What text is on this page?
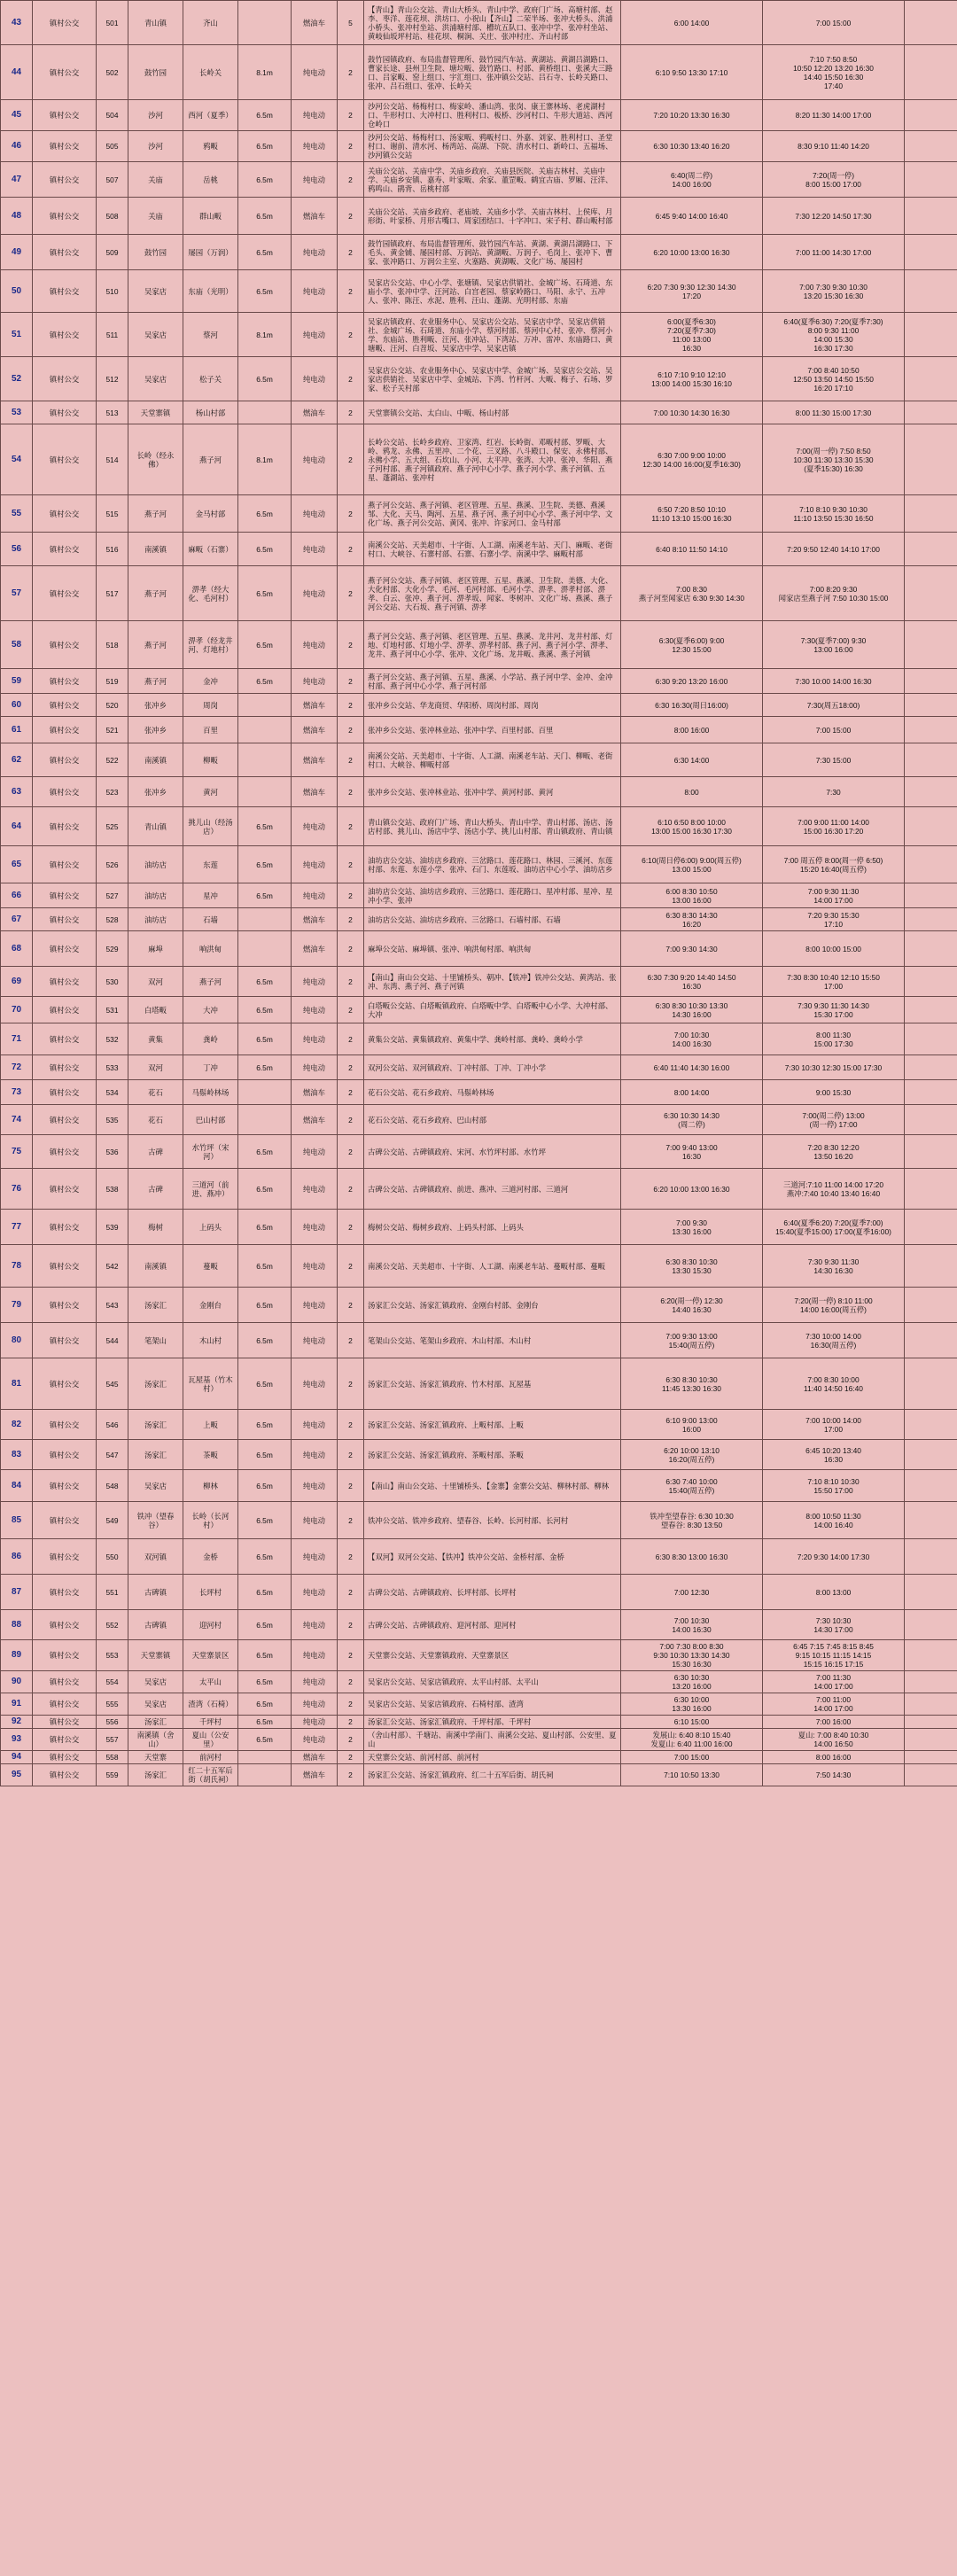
43	镇村公交	501	青山镇	齐山		燃油车	5	【青山】青山公交站、青山大桥头、青山中学、政府门广场、高塘村部、赵李、枣洋、莲花坝、洪坊口、小祝山【齐山】二荣半场、张冲大桥头、洪浦小桥头、张冲村坐站、洪浦塘村部、槽坑五队口、张冲中学、张冲村坐站、黄岐仙坂坪村站、桂花坝、桐涧、关庄、张冲村庄、齐山村部	6:00 14:00	7:00 15:00	
44	镇村公交	502	鼓竹园	长岭关	8.1m	纯电动	2	鼓竹园镇政府、布局监督管理所、鼓竹园汽车站、黄湖站、黄湖吕湖路口、曹家长途、县州卫生院、塘垃畈、鼓竹路口、村部、黄桥组口、张溪大三路口、吕家畈、窑上组口、宇汇组口、张冲镇公交站、吕石寺、长岭关路口、张冲、吕石组口、张冲、长岭关	6:10 9:50 13:30 17:10	7:10 7:50 8:50
10:50 12:20 13:20 16:30
14:40 15:50 16:30
17:40	
45	镇村公交	504	沙河	西河（夏季）	6.5m	纯电动	2	沙河公交站、杨梅村口、梅家岭、潘山湾、张岗、康王寨林场、老虎湖村口、牛形村口、大冲村口、胜利村口、板桥、沙河村口、牛形大道站、西河仓岭口	7:20 10:20 13:30 16:30	8:20 11:30 14:00 17:00	
46	镇村公交	505	沙河	鸦畈	6.5m	纯电动	2	沙河公交站、杨梅村口、汤家畈、鸦畈村口、外嘉、刘家、胜利村口、圣堂村口、谢前、清水河、杨湾站、高湖、下院、清水村口、新岭口、五福场、沙河镇公交站	6:30 10:30 13:40 16:20	8:30 9:10 11:40 14:20	
47	镇村公交	507	关庙	岳桃	6.5m	纯电动	2	关庙公交站、关庙中学、关庙乡政府、关庙县医院、关庙古林村、关庙中学、关庙乡安镇、嘉寿、叶家畈、余家、董罡畈、鹤宜古庙、罗厢、汪洋、鸦鸣山、鹃背、岳桃村部	6:40(周二停)
14:00 16:00	7:20(周一停)
8:00 15:00 17:00	
48	镇村公交	508	关庙	群山畈	6.5m	燃油车	2	关庙公交站、关庙乡政府、老庙坡、关庙乡小学、关庙古林村、上侯库、月形街、叶家桥、月形古嘴口、周家团结口、十字冲口、宋子村、群山畈村部	6:45 9:40 14:00 16:40	7:30 12:20 14:50 17:30	
49	镇村公交	509	鼓竹园	屡园（万润）	6.5m	纯电动	2	鼓竹园镇政府、布局监督管理所、鼓竹园汽车站、黄湖、黄湖吕湖路口、下毛头、黄金铺、屡园村部、万润站、黄湖畈、万润子、毛岗上、张冲下、曹家、张冲路口、万润公主室、火塞路、黄湖畈、文化广场、屡园村	6:20 10:00 13:00 16:30	7:00 11:00 14:30 17:00	
50	镇村公交	510	吴家店	东庙（光明）	6.5m	纯电动	2	吴家店公交站、中心小学、张塘镇、吴家店供销社、金城广场、石琦道、东庙小学、张冲中学、汪河站、白宫老园、蔡家岭路口、马阳、永宁、五冲人、张冲、陈汪、水泥、胜利、汪山、蓬湖、光明村部、东庙	6:20 7:30 9:30 12:30 14:30
17:20	7:00 7:30 9:30 10:30
13:20 15:30 16:30	
51	镇村公交	511	吴家店	蔡河	8.1m	纯电动	2	吴家店镇政府、农业服务中心、吴家店公交站、吴家店中学、吴家店供销社、金城广场、石琦道、东庙小学、蔡河村部、蔡河中心村、张冲、蔡河小学、东庙站、胜利畈、汪河、张冲站、下湾站、万冲、雷冲、东庙路口、黄塘畈、汪河、白苕坂、吴家店中学、吴家店镇	6:00(夏季6:30)
7:20(夏季7:30)
11:00 13:00
16:30	6:40(夏季6:30) 7:20(夏季7:30)
8:00 9:30 11:00
14:00 15:30
16:30 17:30	
52	镇村公交	512	吴家店	松子关	6.5m	纯电动	2	吴家店公交站、农业服务中心、吴家店中学、金城广场、吴家店公交站、吴家店供销社、吴家店中学、金城站、下湾、竹杆河、大畈、梅子、石场、罗家、松子关村部	6:10 7:10 9:10 12:10
13:00 14:00 15:30 16:10	7:00 8:40 10:50
12:50 13:50 14:50 15:50
16:20 17:10	
53	镇村公交	513	天堂寨镇	杨山村部		燃油车	2	天堂寨镇公交站、太白山、中畈、杨山村部	7:00 10:30 14:30 16:30	8:00 11:30 15:00 17:30	
54	镇村公交	514	长岭（经永佛）	燕子河	8.1m	纯电动	2	长岭公交站、长岭乡政府、卫家湾、红岩、长岭街、邓畈村部、罗畈、大岭、鸦龙、永佛、五里冲、二个花、三叉路、八斗殿口、保安、永佛村部、永佛小学、五大组、石坎山、小河、太平冲、张湾、大冲、张冲、华阳、燕子河村部、燕子河镇政府、燕子河中心小学、燕子河小学、燕子河镇、五星、蓬湖站、张冲村	6:30 7:00 9:00 10:00
12:30 14:00 16:00(夏季16:30)	7:00(周一停) 7:50 8:50
10:30 11:30 13:30 15:30
(夏季15:30) 16:30	
55	镇村公交	515	燕子河	金马村部	6.5m	纯电动	2	燕子河公交站、燕子河镇、老区管理、五星、燕溪、卫生院、美德、燕溪邹、大化、天马、陶河、五星、燕子河、燕子河中心小学、燕子河中学、文化广场、燕子河公交站、黄冈、张冲、许家河口、金马村部	6:50 7:20 8:50 10:10
11:10 13:10 15:00 16:30	7:10 8:10 9:30 10:30
11:10 13:50 15:30 16:50	
56	镇村公交	516	南溪镇	麻畈（石寨）	6.5m	纯电动	2	南溪公交站、天美超市、十字街、人工湖、南溪老车站、天门、麻畈、老街村口、大峡谷、石寨村部、石寨、石寨小学、南溪中学、麻畈村部	6:40 8:10 11:50 14:10	7:20 9:50 12:40 14:10 17:00	
57	镇村公交	517	燕子河	淠孝（经大化、毛河村）	6.5m	纯电动	2	燕子河公交站、燕子河镇、老区管理、五星、燕溪、卫生院、美德、大化、大化村部、大化小学、毛河、毛河村部、毛河小学、淠孝、淠孝村部、淠孝、白云、张冲、燕子河、淠孝坂、闻家、枣树冲、文化广场、燕溪、燕子河公交站、大石坂、燕子河镇、淠孝	7:00 8:30
燕子河至闻家店 6:30 9:30 14:30	7:00 8:20 9:30
闻家店至燕子河 7:50 10:30 15:00	
58	镇村公交	518	燕子河	淠孝（经龙井河、灯地村）	6.5m	纯电动	2	燕子河公交站、燕子河镇、老区管理、五星、燕溪、龙井河、龙井村部、灯地、灯地村部、灯地小学、淠孝、淠孝村部、燕子河、燕子河小学、淠孝、龙井、燕子河中心小学、张冲、文化广场、龙井畈、燕溪、燕子河镇	6:30(夏季6:00) 9:00
12:30 15:00	7:30(夏季7:00) 9:30
13:00 16:00	
59	镇村公交	519	燕子河	金冲	6.5m	纯电动	2	燕子河公交站、燕子河镇、五星、燕溪、小学站、燕子河中学、金冲、金冲村部、燕子河中心小学、燕子河村部	6:30 9:20 13:20 16:00	7:30 10:00 14:00 16:30	
60	镇村公交	520	张冲乡	周岗		燃油车	2	张冲乡公交站、华龙商贸、华阳桥、周岗村部、周岗	6:30 16:30(周日16:00)	7:30(周五18:00)	
61	镇村公交	521	张冲乡	百里		燃油车	2	张冲乡公交站、张冲林业站、张冲中学、百里村部、百里	8:00 16:00	7:00 15:00	
62	镇村公交	522	南溪镇	柳畈		燃油车	2	南溪公交站、天美超市、十字街、人工湖、南溪老车站、天门、柳畈、老街村口、大峡谷、柳畈村部	6:30 14:00	7:30 15:00	
63	镇村公交	523	张冲乡	黄河		燃油车	2	张冲乡公交站、张冲林业站、张冲中学、黄河村部、黄河	8:00	7:30	
64	镇村公交	525	青山镇	挑儿山（经汤店）	6.5m	纯电动	2	青山镇公交站、政府门广场、青山大桥头、青山中学、青山村部、汤店、汤店村部、挑儿山、汤店中学、汤店小学、挑儿山村部、青山镇政府、青山镇	6:10 6:50 8:00 10:00
13:00 15:00 16:30 17:30	7:00 9:00 11:00 14:00
15:00 16:30 17:20	
65	镇村公交	526	油坊店	东莲	6.5m	纯电动	2	油坊店公交站、油坊店乡政府、三岔路口、莲花路口、林园、三溪河、东莲村部、东莲、东莲小学、张冲、石门、东莲坂、油坊店中心小学、油坊店乡	6:10(周日停6:00) 9:00(周五停)
13:00 15:00	7:00 周五停 8:00(周一停 6:50)
15:20 16:40(周五停)	
66	镇村公交	527	油坊店	星冲	6.5m	纯电动	2	油坊店公交站、油坊店乡政府、三岔路口、莲花路口、星冲村部、星冲、星冲小学、张冲	6:00 8:30 10:50
13:00 16:00	7:00 9:30 11:30
14:00 17:00	
67	镇村公交	528	油坊店	石墙		燃油车	2	油坊店公交站、油坊店乡政府、三岔路口、石墙村部、石墙	6:30 8:30 14:30
16:20	7:20 9:30 15:30
17:10	
68	镇村公交	529	麻埠	响洪甸		燃油车	2	麻埠公交站、麻埠镇、张冲、响洪甸村部、响洪甸	7:00 9:30 14:30	8:00 10:00 15:00	
69	镇村公交	530	双河	燕子河	6.5m	纯电动	2	【南山】南山公交站、十里铺桥头、朝冲、【铁冲】铁冲公交站、黄湾站、张冲、东湾、燕子河、燕子河镇	6:30 7:30 9:20 14:40 14:50
16:30	7:30 8:30 10:40 12:10 15:50
17:00	
70	镇村公交	531	白塔畈	大冲	6.5m	纯电动	2	白塔畈公交站、白塔畈镇政府、白塔畈中学、白塔畈中心小学、大冲村部、大冲	6:30 8:30 10:30 13:30
14:30 16:00	7:30 9:30 11:30 14:30
15:30 17:00	
71	镇村公交	532	黄集	龚岭	6.5m	纯电动	2	黄集公交站、黄集镇政府、黄集中学、龚岭村部、龚岭、龚岭小学	7:00 10:30
14:00 16:30	8:00 11:30
15:00 17:30	
72	镇村公交	533	双河	丁冲	6.5m	纯电动	2	双河公交站、双河镇政府、丁冲村部、丁冲、丁冲小学	6:40 11:40 14:30 16:00	7:30 10:30 12:30 15:00 17:30	
73	镇村公交	534	花石	马鬃岭林场		燃油车	2	花石公交站、花石乡政府、马鬃岭林场	8:00 14:00	9:00 15:30	
74	镇村公交	535	花石	巴山村部		燃油车	2	花石公交站、花石乡政府、巴山村部	6:30 10:30 14:30
(周二停)	7:00(周二停) 13:00
(周一停) 17:00	
75	镇村公交	536	古碑	水竹坪（宋河）	6.5m	纯电动	2	古碑公交站、古碑镇政府、宋河、水竹坪村部、水竹坪	7:00 9:40 13:00
16:30	7:20 8:30 12:20
13:50 16:20	
76	镇村公交	538	古碑	三道河（前进、燕冲）	6.5m	纯电动	2	古碑公交站、古碑镇政府、前进、燕冲、三道河村部、三道河	6:20 10:00 13:00 16:30	三道河:7:10 11:00 14:00 17:20
燕冲:7:40 10:40 13:40 16:40	
77	镇村公交	539	梅树	上码头	6.5m	纯电动	2	梅树公交站、梅树乡政府、上码头村部、上码头	7:00 9:30
13:30 16:00	6:40(夏季6:20) 7:20(夏季7:00)
15:40(夏季15:00) 17:00(夏季16:00)	
78	镇村公交	542	南溪镇	蔓畈	6.5m	纯电动	2	南溪公交站、天美超市、十字街、人工湖、南溪老车站、蔓畈村部、蔓畈	6:30 8:30 10:30
13:30 15:30	7:30 9:30 11:30
14:30 16:30	
79	镇村公交	543	汤家汇	金刚台	6.5m	纯电动	2	汤家汇公交站、汤家汇镇政府、金刚台村部、金刚台	6:20(周一停) 12:30
14:40 16:30	7:20(周一停) 8:10 11:00
14:00 16:00(周五停)	
80	镇村公交	544	笔架山	木山村	6.5m	纯电动	2	笔架山公交站、笔架山乡政府、木山村部、木山村	7:00 9:30 13:00
15:40(周五停)	7:30 10:00 14:00
16:30(周五停)	
81	镇村公交	545	汤家汇	瓦屋基（竹木村）	6.5m	纯电动	2	汤家汇公交站、汤家汇镇政府、竹木村部、瓦屋基	6:30 8:30 10:30
11:45 13:30 16:30	7:00 8:30 10:00
11:40 14:50 16:40	
82	镇村公交	546	汤家汇	上畈	6.5m	纯电动	2	汤家汇公交站、汤家汇镇政府、上畈村部、上畈	6:10 9:00 13:00
16:00	7:00 10:00 14:00
17:00	
83	镇村公交	547	汤家汇	茶畈	6.5m	纯电动	2	汤家汇公交站、汤家汇镇政府、茶畈村部、茶畈	6:20 10:00 13:10
16:20(周五停)	6:45 10:20 13:40
16:30	
84	镇村公交	548	吴家店	柳林	6.5m	纯电动	2	【南山】南山公交站、十里铺桥头、【金寨】金寨公交站、柳林村部、柳林	6:30 7:40 10:00
15:40(周五停)	7:10 8:10 10:30
15:50 17:00	
85	镇村公交	549	铁冲（望春谷）	长岭（长河村）	6.5m	纯电动	2	铁冲公交站、铁冲乡政府、望春谷、长岭、长河村部、长河村	铁冲至望春谷: 6:30 10:30
望春谷: 8:30 13:50	8:00 10:50 11:30
14:00 16:40	
86	镇村公交	550	双河镇	金桥	6.5m	纯电动	2	【双河】双河公交站、【铁冲】铁冲公交站、金桥村部、金桥	6:30 8:30 13:00 16:30	7:20 9:30 14:00 17:30	
87	镇村公交	551	古碑镇	长坪村	6.5m	纯电动	2	古碑公交站、古碑镇政府、长坪村部、长坪村	7:00 12:30	8:00 13:00	
88	镇村公交	552	古碑镇	迎河村	6.5m	纯电动	2	古碑公交站、古碑镇政府、迎河村部、迎河村	7:00 10:30
14:00 16:30	7:30 10:30
14:30 17:00	
89	镇村公交	553	天堂寨镇	天堂寨景区	6.5m	纯电动	2	天堂寨公交站、天堂寨镇政府、天堂寨景区	7:00 7:30 8:00 8:30
9:30 10:30 13:30 14:30
15:30 16:30	6:45 7:15 7:45 8:15 8:45
9:15 10:15 11:15 14:15
15:15 16:15 17:15	
90	镇村公交	554	吴家店	太平山	6.5m	纯电动	2	吴家店公交站、吴家店镇政府、太平山村部、太平山	6:30 10:30
13:20 16:00	7:00 11:30
14:00 17:00	
91	镇村公交	555	吴家店	渣湾（石椅）	6.5m	纯电动	2	吴家店公交站、吴家店镇政府、石椅村部、渣湾	6:30 10:00
13:30 16:00	7:00 11:00
14:00 17:00	
92	镇村公交	556	汤家汇	千坪村	6.5m	纯电动	2	汤家汇公交站、汤家汇镇政府、千坪村部、千坪村	6:10 15:00	7:00 16:00	
93	镇村公交	557	南溪镇（舍山）	夏山（公安里）	6.5m	纯电动	2	（舍山村部）、千塘站、南溪中学南门、南溪公交站、夏山村部、公安里、夏山	发展山: 6:40 8:10 15:40
发夏山: 6:40 11:00 16:00	夏山: 7:00 8:40 10:30
14:00 16:50	
94	镇村公交	558	天堂寨	前河村		燃油车	2	天堂寨公交站、前河村部、前河村	7:00 15:00	8:00 16:00	
95	镇村公交	559	汤家汇	红二十五军后街（胡氏祠）		燃油车	2	汤家汇公交站、汤家汇镇政府、红二十五军后街、胡氏祠	7:10 10:50 13:30	7:50 14:30	
